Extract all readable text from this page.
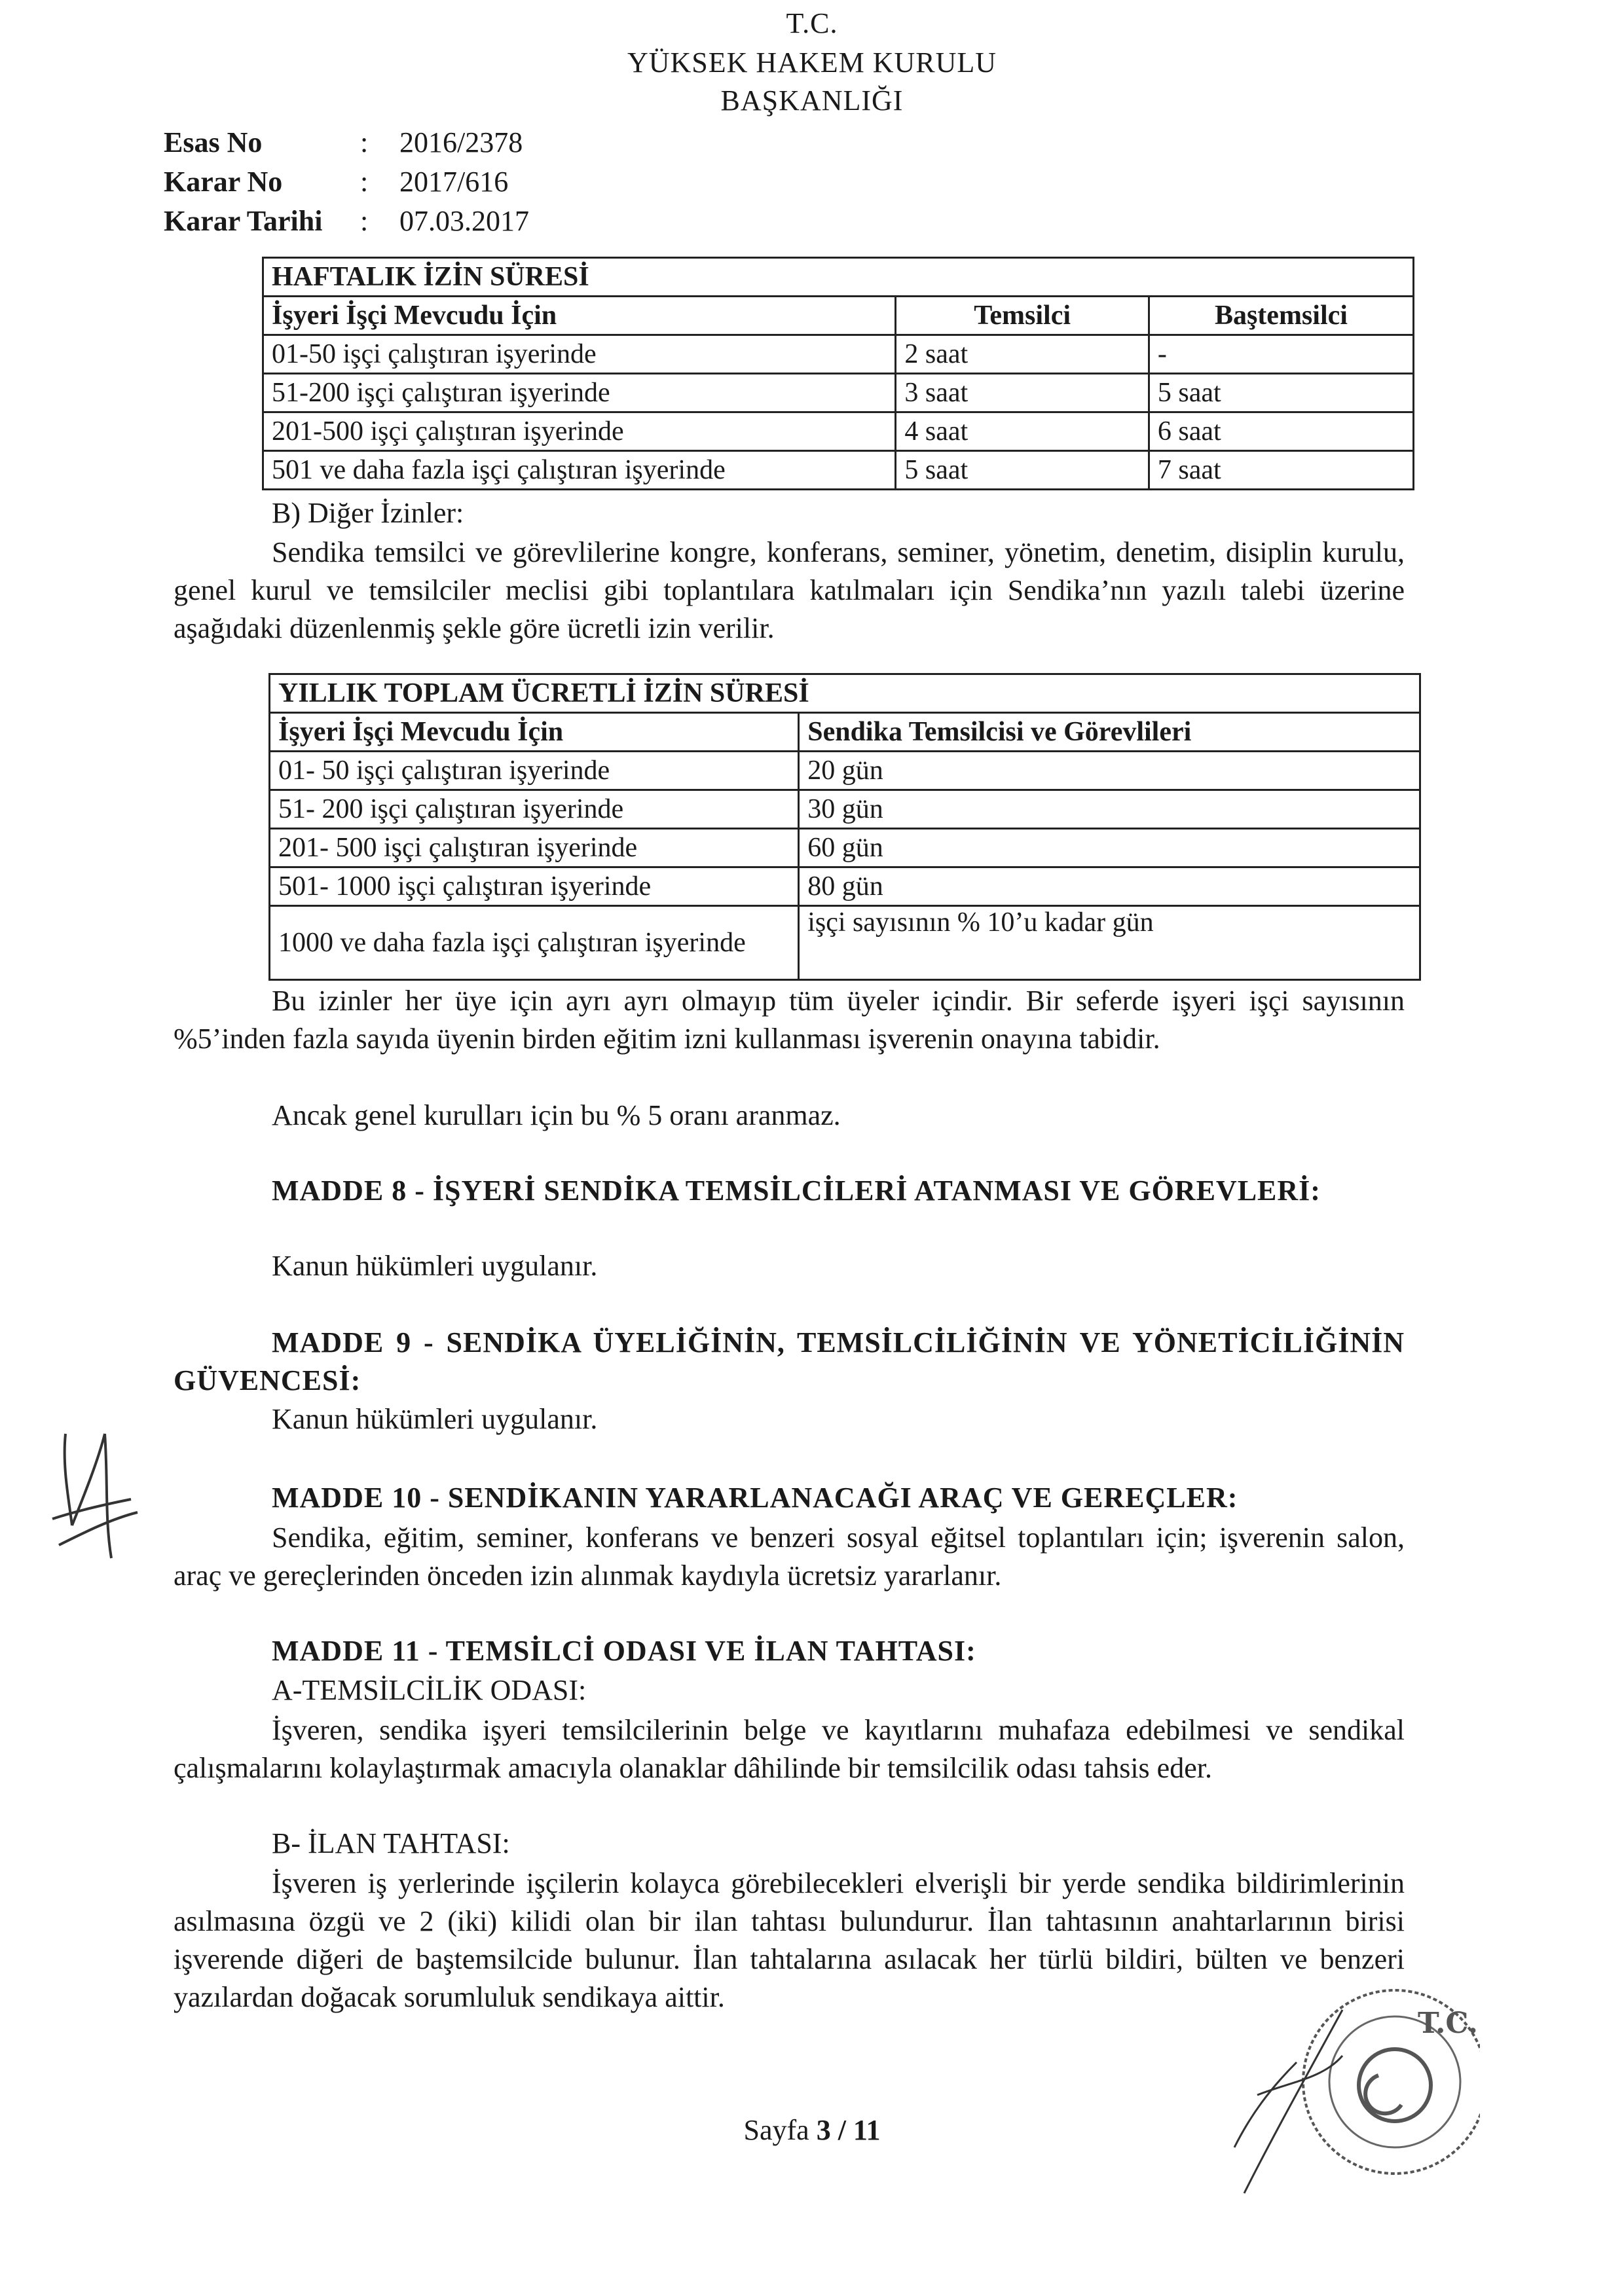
T.C.
YÜKSEK HAKEM KURULU
BAŞKANLIĞI
Esas No	: 2016/2378
Karar No	: 2017/616
Karar Tarihi : 07.03.2017
HAFTALIK İZİN SÜRESİ		
İşyeri İşçi Mevcudu İçin	Temsilci	Baştemsilci
01-50 işçi çalıştıran işyerinde	2 saat	-
51-200 işçi çalıştıran işyerinde	3 saat	5 saat
201-500 işçi çalıştıran işyerinde	4 saat	6 saat
501 ve daha fazla işçi çalıştıran işyerinde	5 saat	7 saat
B) Diğer İzinler:
Sendika temsilci ve görevlilerine kongre, konferans, seminer, yönetim, denetim, disiplin kurulu, genel kurul ve temsilciler meclisi gibi toplantılara katılmaları için Sendika’nın yazılı talebi üzerine aşağıdaki düzenlenmiş şekle göre ücretli izin verilir.
YILLIK TOPLAM ÜCRETLİ İZİN SÜRESİ	
İşyeri İşçi Mevcudu İçin	Sendika Temsilcisi ve Görevlileri
01- 50 işçi çalıştıran işyerinde	20 gün
51- 200 işçi çalıştıran işyerinde	30 gün
201- 500 işçi çalıştıran işyerinde	60 gün
501- 1000 işçi çalıştıran işyerinde	80 gün
1000 ve daha fazla işçi çalıştıran işyerinde	işçi sayısının % 10’u kadar gün
Bu izinler her üye için ayrı ayrı olmayıp tüm üyeler içindir. Bir seferde işyeri işçi sayısının %5’inden fazla sayıda üyenin birden eğitim izni kullanması işverenin onayına tabidir.
Ancak genel kurulları için bu % 5 oranı aranmaz.
MADDE 8 - İŞYERİ SENDİKA TEMSİLCİLERİ ATANMASI VE GÖREVLERİ:
Kanun hükümleri uygulanır.
MADDE 9 - SENDİKA ÜYELİĞİNİN, TEMSİLCİLİĞİNİN VE YÖNETİCİLİĞİNİN GÜVENCESİ:
Kanun hükümleri uygulanır.
MADDE 10 - SENDİKANIN YARARLANACAĞI ARAÇ VE GEREÇLER:
Sendika, eğitim, seminer, konferans ve benzeri sosyal eğitsel toplantıları için; işverenin salon, araç ve gereçlerinden önceden izin alınmak kaydıyla ücretsiz yararlanır.
MADDE 11 - TEMSİLCİ ODASI VE İLAN TAHTASI:
A-TEMSİLCİLİK ODASI:
İşveren, sendika işyeri temsilcilerinin belge ve kayıtlarını muhafaza edebilmesi ve sendikal çalışmalarını kolaylaştırmak amacıyla olanaklar dâhilinde bir temsilcilik odası tahsis eder.
B- İLAN TAHTASI:
İşveren iş yerlerinde işçilerin kolayca görebilecekleri elverişli bir yerde sendika bildirimlerinin asılmasına özgü ve 2 (iki) kilidi olan bir ilan tahtası bulundurur. İlan tahtasının anahtarlarının birisi işverende diğeri de baştemsilcide bulunur. İlan tahtalarına asılacak her türlü bildiri, bülten ve benzeri yazılardan doğacak sorumluluk sendikaya aittir.
T.C.
Sayfa 3 / 11
